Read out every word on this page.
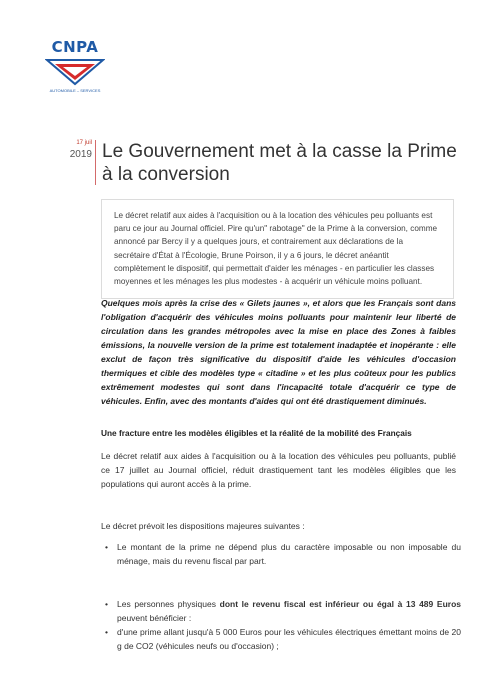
CNPA
AUTOMOBILE – SERVICES
17 juil
2019 Le Gouvernement met à la casse la Prime à la conversion

Le décret relatif aux aides à l'acquisition ou à la location des véhicules peu polluants est paru ce jour au Journal officiel. Pire qu'un" rabotage" de la Prime à la conversion, comme annoncé par Bercy il y a quelques jours, et contrairement aux déclarations de la secrétaire d'État à l'Écologie, Brune Poirson, il y a 6 jours, le décret anéantit complètement le dispositif, qui permettait d'aider les ménages - en particulier les classes moyennes et les ménages les plus modestes - à acquérir un véhicule moins polluant.

Quelques mois après la crise des « Gilets jaunes », et alors que les Français sont dans l'obligation d'acquérir des véhicules moins polluants pour maintenir leur liberté de circulation dans les grandes métropoles avec la mise en place des Zones à faibles émissions, la nouvelle version de la prime est totalement inadaptée et inopérante : elle exclut de façon très significative du dispositif d'aide les véhicules d'occasion thermiques et cible des modèles type « citadine » et les plus coûteux pour les publics extrêmement modestes qui sont dans l'incapacité totale d'acquérir ce type de véhicules. Enfin, avec des montants d'aides qui ont été drastiquement diminués.

Une fracture entre les modèles éligibles et la réalité de la mobilité des Français

Le décret relatif aux aides à l'acquisition ou à la location des véhicules peu polluants, publié ce 17 juillet au Journal officiel, réduit drastiquement tant les modèles éligibles que les populations qui auront accès à la prime.

Le décret prévoit les dispositions majeures suivantes :

• Le montant de la prime ne dépend plus du caractère imposable ou non imposable du ménage, mais du revenu fiscal par part.
• Les personnes physiques dont le revenu fiscal est inférieur ou égal à 13 489 Euros peuvent bénéficier :
• d'une prime allant jusqu'à 5 000 Euros pour les véhicules électriques émettant moins de 20 g de CO2 (véhicules neufs ou d'occasion) ;
